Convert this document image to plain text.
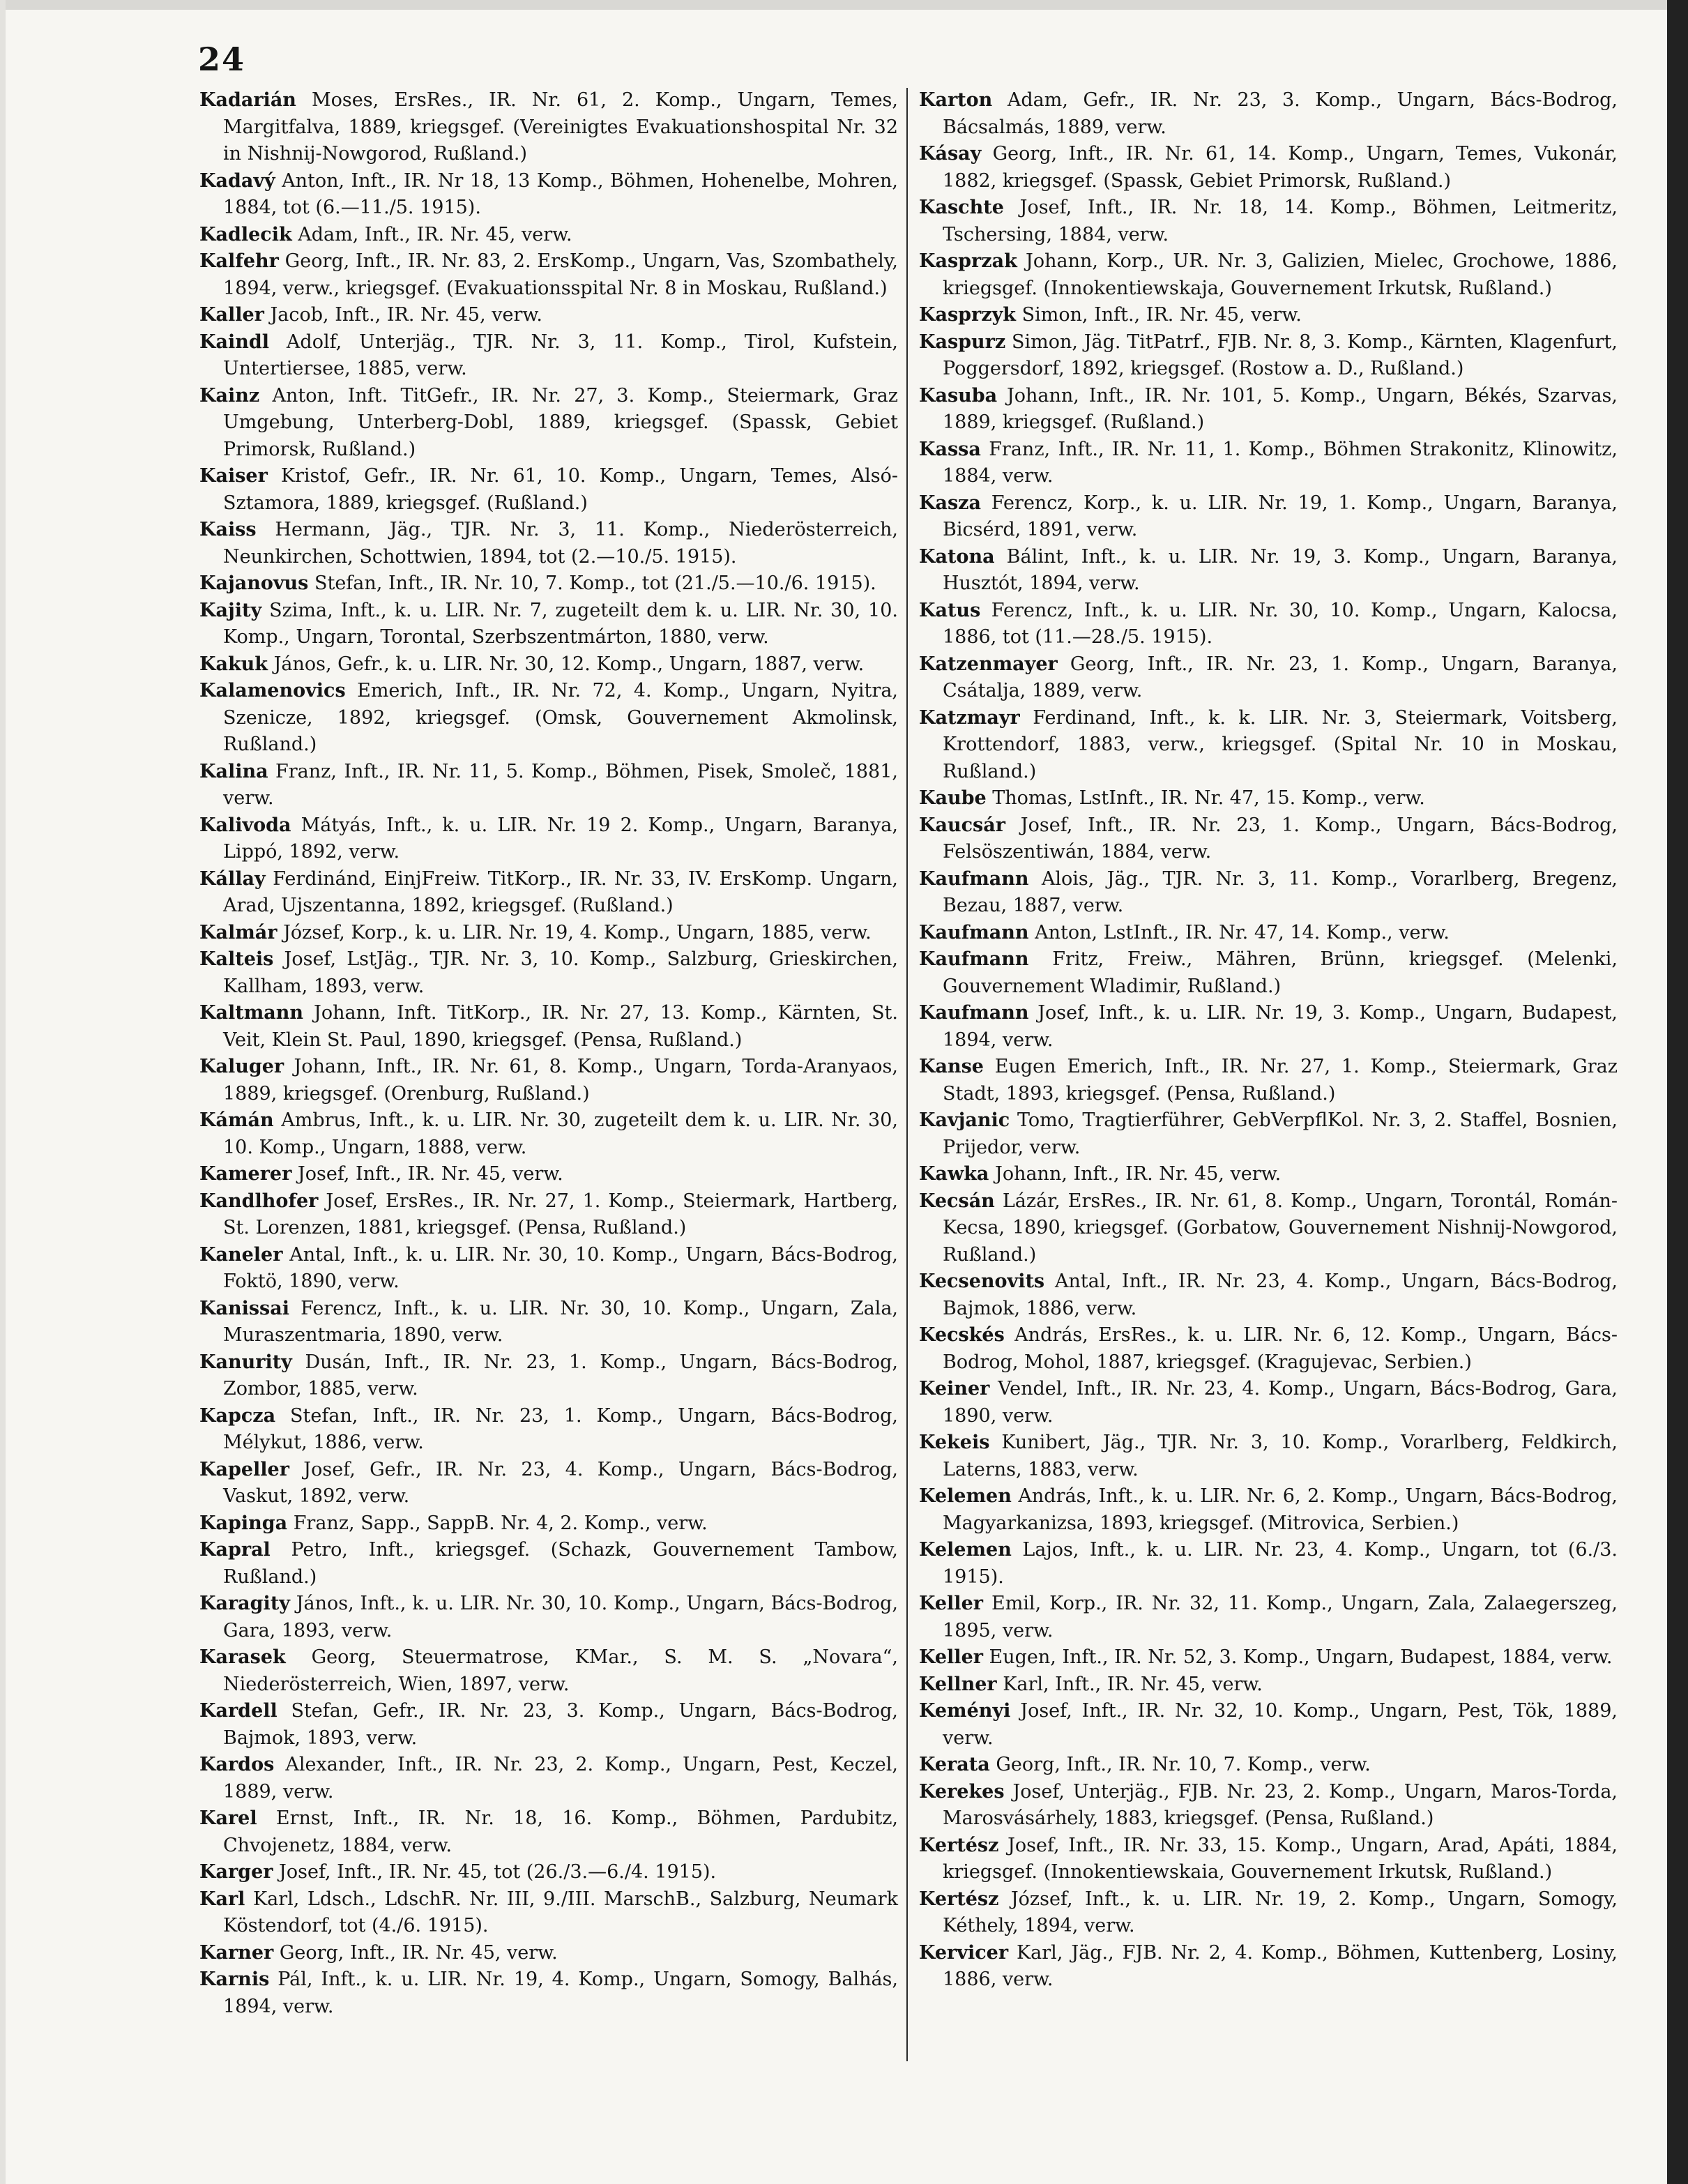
24

Kadarián Moses, ErsRes., IR. Nr. 61, 2. Komp., Ungarn, Temes, Margitfalva, 1889, kriegsgef. (Vereinigtes Evakuationshospital Nr. 32 in Nishnij-Nowgorod, Rußland.)

Kadavý Anton, Inft., IR. Nr 18, 13 Komp., Böhmen, Hohenelbe, Mohren, 1884, tot (6.—11./5. 1915).

Kadlecik Adam, Inft., IR. Nr. 45, verw.

Kalfehr Georg, Inft., IR. Nr. 83, 2. ErsKomp., Ungarn, Vas, Szombathely, 1894, verw., kriegsgef. (Evakuationsspital Nr. 8 in Moskau, Rußland.)

Kaller Jacob, Inft., IR. Nr. 45, verw.

Kaindl Adolf, Unterjäg., TJR. Nr. 3, 11. Komp., Tirol, Kufstein, Untertiersee, 1885, verw.

Kainz Anton, Inft. TitGefr., IR. Nr. 27, 3. Komp., Steiermark, Graz Umgebung, Unterberg-Dobl, 1889, kriegsgef. (Spassk, Gebiet Primorsk, Rußland.)

Kaiser Kristof, Gefr., IR. Nr. 61, 10. Komp., Ungarn, Temes, Alsó-Sztamora, 1889, kriegsgef. (Rußland.)

Kaiss Hermann, Jäg., TJR. Nr. 3, 11. Komp., Niederösterreich, Neunkirchen, Schottwien, 1894, tot (2.—10./5. 1915).

Kajanovus Stefan, Inft., IR. Nr. 10, 7. Komp., tot (21./5.—10./6. 1915).

Kajity Szima, Inft., k. u. LIR. Nr. 7, zugeteilt dem k. u. LIR. Nr. 30, 10. Komp., Ungarn, Torontal, Szerbszentmárton, 1880, verw.

Kakuk János, Gefr., k. u. LIR. Nr. 30, 12. Komp., Ungarn, 1887, verw.

Kalamenovics Emerich, Inft., IR. Nr. 72, 4. Komp., Ungarn, Nyitra, Szenicze, 1892, kriegsgef. (Omsk, Gouvernement Akmolinsk, Rußland.)

Kalina Franz, Inft., IR. Nr. 11, 5. Komp., Böhmen, Pisek, Smoleč, 1881, verw.

Kalivoda Mátyás, Inft., k. u. LIR. Nr. 19 2. Komp., Ungarn, Baranya, Lippó, 1892, verw.

Kállay Ferdinánd, EinjFreiw. TitKorp., IR. Nr. 33, IV. ErsKomp. Ungarn, Arad, Ujszentanna, 1892, kriegsgef. (Rußland.)

Kalmár József, Korp., k. u. LIR. Nr. 19, 4. Komp., Ungarn, 1885, verw.

Kalteis Josef, LstJäg., TJR. Nr. 3, 10. Komp., Salzburg, Grieskirchen, Kallham, 1893, verw.

Kaltmann Johann, Inft. TitKorp., IR. Nr. 27, 13. Komp., Kärnten, St. Veit, Klein St. Paul, 1890, kriegsgef. (Pensa, Rußland.)

Kaluger Johann, Inft., IR. Nr. 61, 8. Komp., Ungarn, Torda-Aranyaos, 1889, kriegsgef. (Orenburg, Rußland.)

Kámán Ambrus, Inft., k. u. LIR. Nr. 30, zugeteilt dem k. u. LIR. Nr. 30, 10. Komp., Ungarn, 1888, verw.

Kamerer Josef, Inft., IR. Nr. 45, verw.

Kandlhofer Josef, ErsRes., IR. Nr. 27, 1. Komp., Steiermark, Hartberg, St. Lorenzen, 1881, kriegsgef. (Pensa, Rußland.)

Kaneler Antal, Inft., k. u. LIR. Nr. 30, 10. Komp., Ungarn, Bács-Bodrog, Foktö, 1890, verw.

Kanissai Ferencz, Inft., k. u. LIR. Nr. 30, 10. Komp., Ungarn, Zala, Muraszentmaria, 1890, verw.

Kanurity Dusán, Inft., IR. Nr. 23, 1. Komp., Ungarn, Bács-Bodrog, Zombor, 1885, verw.

Kapcza Stefan, Inft., IR. Nr. 23, 1. Komp., Ungarn, Bács-Bodrog, Mélykut, 1886, verw.

Kapeller Josef, Gefr., IR. Nr. 23, 4. Komp., Ungarn, Bács-Bodrog, Vaskut, 1892, verw.

Kapinga Franz, Sapp., SappB. Nr. 4, 2. Komp., verw.

Kapral Petro, Inft., kriegsgef. (Schazk, Gouvernement Tambow, Rußland.)

Karagity János, Inft., k. u. LIR. Nr. 30, 10. Komp., Ungarn, Bács-Bodrog, Gara, 1893, verw.

Karasek Georg, Steuermatrose, KMar., S. M. S. „Novara“, Niederösterreich, Wien, 1897, verw.

Kardell Stefan, Gefr., IR. Nr. 23, 3. Komp., Ungarn, Bács-Bodrog, Bajmok, 1893, verw.

Kardos Alexander, Inft., IR. Nr. 23, 2. Komp., Ungarn, Pest, Keczel, 1889, verw.

Karel Ernst, Inft., IR. Nr. 18, 16. Komp., Böhmen, Pardubitz, Chvojenetz, 1884, verw.

Karger Josef, Inft., IR. Nr. 45, tot (26./3.—6./4. 1915).

Karl Karl, Ldsch., LdschR. Nr. III, 9./III. MarschB., Salzburg, Neumark Köstendorf, tot (4./6. 1915).

Karner Georg, Inft., IR. Nr. 45, verw.

Karnis Pál, Inft., k. u. LIR. Nr. 19, 4. Komp., Ungarn, Somogy, Balhás, 1894, verw.

Karton Adam, Gefr., IR. Nr. 23, 3. Komp., Ungarn, Bács-Bodrog, Bácsalmás, 1889, verw.

Kásay Georg, Inft., IR. Nr. 61, 14. Komp., Ungarn, Temes, Vukonár, 1882, kriegsgef. (Spassk, Gebiet Primorsk, Rußland.)

Kaschte Josef, Inft., IR. Nr. 18, 14. Komp., Böhmen, Leitmeritz, Tschersing, 1884, verw.

Kasprzak Johann, Korp., UR. Nr. 3, Galizien, Mielec, Grochowe, 1886, kriegsgef. (Innokentiewskaja, Gouvernement Irkutsk, Rußland.)

Kasprzyk Simon, Inft., IR. Nr. 45, verw.

Kaspurz Simon, Jäg. TitPatrf., FJB. Nr. 8, 3. Komp., Kärnten, Klagenfurt, Poggersdorf, 1892, kriegsgef. (Rostow a. D., Rußland.)

Kasuba Johann, Inft., IR. Nr. 101, 5. Komp., Ungarn, Békés, Szarvas, 1889, kriegsgef. (Rußland.)

Kassa Franz, Inft., IR. Nr. 11, 1. Komp., Böhmen Strakonitz, Klinowitz, 1884, verw.

Kasza Ferencz, Korp., k. u. LIR. Nr. 19, 1. Komp., Ungarn, Baranya, Bicsérd, 1891, verw.

Katona Bálint, Inft., k. u. LIR. Nr. 19, 3. Komp., Ungarn, Baranya, Husztót, 1894, verw.

Katus Ferencz, Inft., k. u. LIR. Nr. 30, 10. Komp., Ungarn, Kalocsa, 1886, tot (11.—28./5. 1915).

Katzenmayer Georg, Inft., IR. Nr. 23, 1. Komp., Ungarn, Baranya, Csátalja, 1889, verw.

Katzmayr Ferdinand, Inft., k. k. LIR. Nr. 3, Steiermark, Voitsberg, Krottendorf, 1883, verw., kriegsgef. (Spital Nr. 10 in Moskau, Rußland.)

Kaube Thomas, LstInft., IR. Nr. 47, 15. Komp., verw.

Kaucsár Josef, Inft., IR. Nr. 23, 1. Komp., Ungarn, Bács-Bodrog, Felsöszentiwán, 1884, verw.

Kaufmann Alois, Jäg., TJR. Nr. 3, 11. Komp., Vorarlberg, Bregenz, Bezau, 1887, verw.

Kaufmann Anton, LstInft., IR. Nr. 47, 14. Komp., verw.

Kaufmann Fritz, Freiw., Mähren, Brünn, kriegsgef. (Melenki, Gouvernement Wladimir, Rußland.)

Kaufmann Josef, Inft., k. u. LIR. Nr. 19, 3. Komp., Ungarn, Budapest, 1894, verw.

Kanse Eugen Emerich, Inft., IR. Nr. 27, 1. Komp., Steiermark, Graz Stadt, 1893, kriegsgef. (Pensa, Rußland.)

Kavjanic Tomo, Tragtierführer, GebVerpflKol. Nr. 3, 2. Staffel, Bosnien, Prijedor, verw.

Kawka Johann, Inft., IR. Nr. 45, verw.

Kecsán Lázár, ErsRes., IR. Nr. 61, 8. Komp., Ungarn, Torontál, Román-Kecsa, 1890, kriegsgef. (Gorbatow, Gouvernement Nishnij-Nowgorod, Rußland.)

Kecsenovits Antal, Inft., IR. Nr. 23, 4. Komp., Ungarn, Bács-Bodrog, Bajmok, 1886, verw.

Kecskés András, ErsRes., k. u. LIR. Nr. 6, 12. Komp., Ungarn, Bács-Bodrog, Mohol, 1887, kriegsgef. (Kragujevac, Serbien.)

Keiner Vendel, Inft., IR. Nr. 23, 4. Komp., Ungarn, Bács-Bodrog, Gara, 1890, verw.

Kekeis Kunibert, Jäg., TJR. Nr. 3, 10. Komp., Vorarlberg, Feldkirch, Laterns, 1883, verw.

Kelemen András, Inft., k. u. LIR. Nr. 6, 2. Komp., Ungarn, Bács-Bodrog, Magyarkanizsa, 1893, kriegsgef. (Mitrovica, Serbien.)

Kelemen Lajos, Inft., k. u. LIR. Nr. 23, 4. Komp., Ungarn, tot (6./3. 1915).

Keller Emil, Korp., IR. Nr. 32, 11. Komp., Ungarn, Zala, Zalaegerszeg, 1895, verw.

Keller Eugen, Inft., IR. Nr. 52, 3. Komp., Ungarn, Budapest, 1884, verw.

Kellner Karl, Inft., IR. Nr. 45, verw.

Keményi Josef, Inft., IR. Nr. 32, 10. Komp., Ungarn, Pest, Tök, 1889, verw.

Kerata Georg, Inft., IR. Nr. 10, 7. Komp., verw.

Kerekes Josef, Unterjäg., FJB. Nr. 23, 2. Komp., Ungarn, Maros-Torda, Marosvásárhely, 1883, kriegsgef. (Pensa, Rußland.)

Kertész Josef, Inft., IR. Nr. 33, 15. Komp., Ungarn, Arad, Apáti, 1884, kriegsgef. (Innokentiewskaia, Gouvernement Irkutsk, Rußland.)

Kertész József, Inft., k. u. LIR. Nr. 19, 2. Komp., Ungarn, Somogy, Kéthely, 1894, verw.

Kervicer Karl, Jäg., FJB. Nr. 2, 4. Komp., Böhmen, Kuttenberg, Losiny, 1886, verw.
